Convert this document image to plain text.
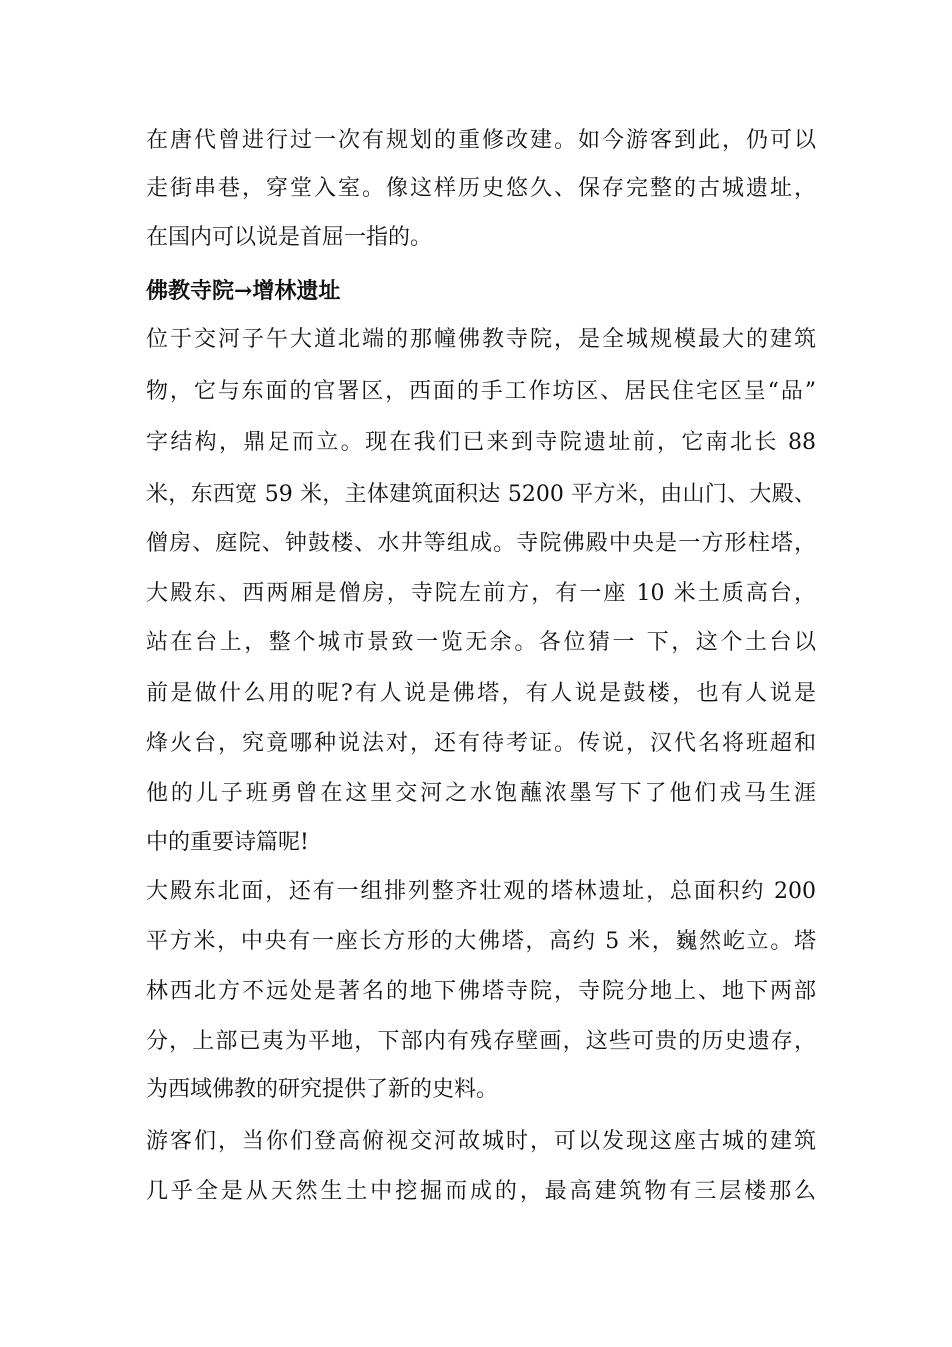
在唐代曾进行过一次有规划的重修改建。如今游客到此，仍可以
走街串巷，穿堂入室。像这样历史悠久、保存完整的古城遗址，
在国内可以说是首屈一指的。
佛教寺院→增林遗址
位于交河子午大道北端的那幢佛教寺院，是全城规模最大的建筑
物，它与东面的官署区，西面的手工作坊区、居民住宅区呈“品”
字结构，鼎足而立。现在我们已来到寺院遗址前，它南北长 88
米，东西宽 59 米，主体建筑面积达 5200 平方米，由山门、大殿、
僧房、庭院、钟鼓楼、水井等组成。寺院佛殿中央是一方形柱塔，
大殿东、西两厢是僧房，寺院左前方，有一座 10 米土质高台，
站在台上，整个城市景致一览无余。各位猜一 下，这个土台以
前是做什么用的呢?有人说是佛塔，有人说是鼓楼，也有人说是
烽火台，究竟哪种说法对，还有待考证。传说，汉代名将班超和
他的儿子班勇曾在这里交河之水饱蘸浓墨写下了他们戎马生涯
中的重要诗篇呢!
大殿东北面，还有一组排列整齐壮观的塔林遗址，总面积约 200
平方米，中央有一座长方形的大佛塔，高约 5 米，巍然屹立。塔
林西北方不远处是著名的地下佛塔寺院，寺院分地上、地下两部
分，上部已夷为平地，下部内有残存壁画，这些可贵的历史遗存，
为西域佛教的研究提供了新的史料。
游客们，当你们登高俯视交河故城时，可以发现这座古城的建筑
几乎全是从天然生土中挖掘而成的，最高建筑物有三层楼那么
